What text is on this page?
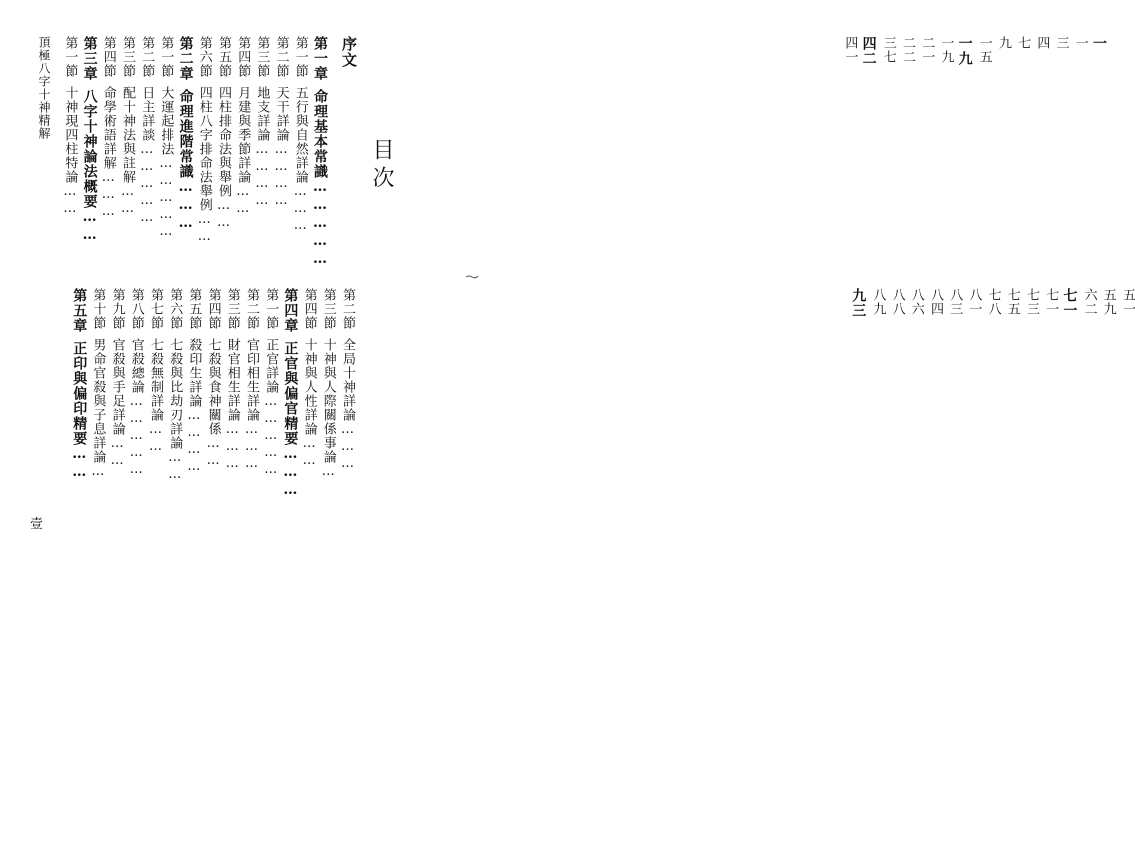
頂極八字十神精解	序文
目次
第一章命理基本常識……………
一
第一節五行與自然詳論………
一
第二節天干詳論…………
三
第三節地支詳論…………
四
第四節月建與季節詳論……
七
第五節四柱排命法與舉例……
九
第六節四柱八字排命法舉例……
一五
第二章命理進階常識………
一九
第一節大運起排法……………
一九
第二節日主詳談……………
二一
第三節配十神法與註解……
二二
第四節命學術語詳解………
三七
第三章八字十神論法概要……
四二
第一節十神現四柱特論……
四一
第二節全局十神詳論………
五一
第三節十神與人際關係事論…
五九
第四節十神與人性詳論……
六二
第四章正官與偏官精要………
七一
第一節正官詳論……………
七一
第二節官印相生詳論………
七三
第三節財官相生詳論………
七五
第四節七殺與食神關係……
七八
第五節殺印生詳論…………
八一
第六節七殺與比劫刃詳論……
八三
第七節七殺無制詳論……
八四
第八節官殺總論……………
八六
第九節官殺與手足詳論……
八八
第十節男命官殺與子息詳論…
八九
第五章正印與偏印精要……
九三
壹
